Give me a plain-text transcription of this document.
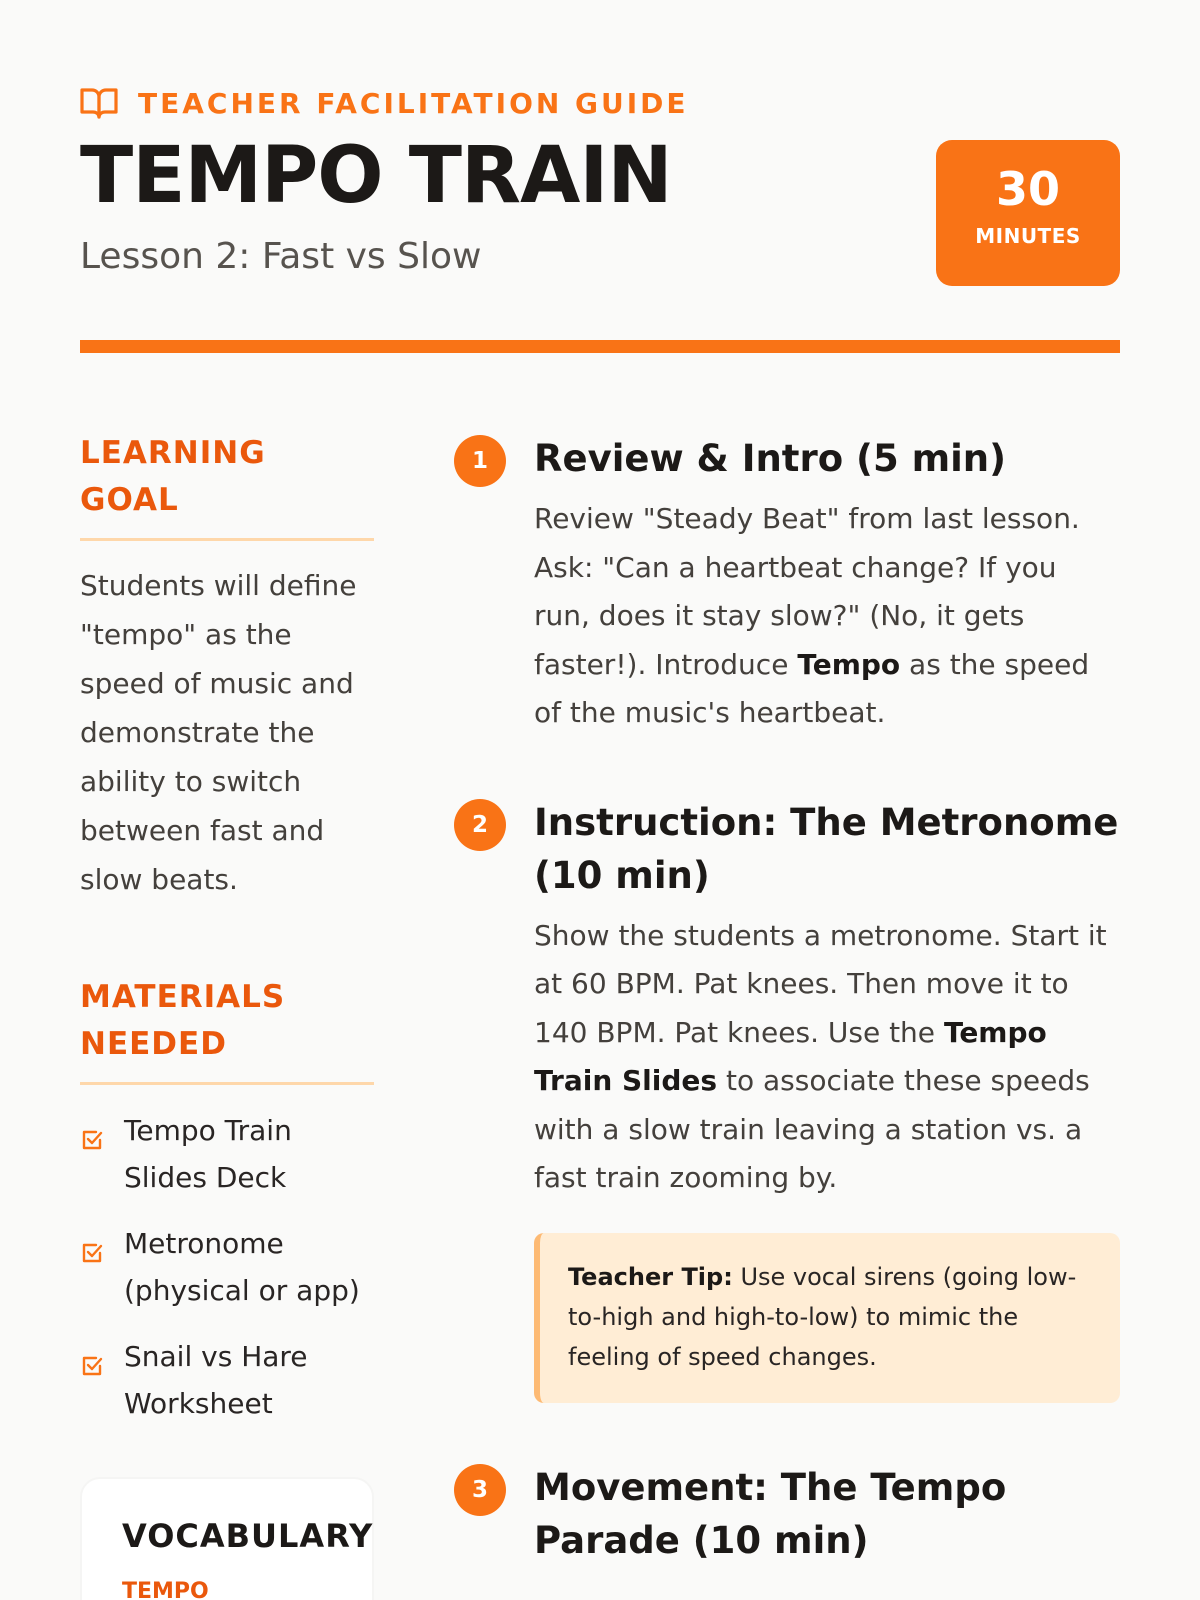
TEACHER FACILITATION GUIDE
TEMPO TRAIN
Lesson 2: Fast vs Slow
30
MINUTES
LEARNING GOAL

Students will define "tempo" as the speed of music and demonstrate the ability to switch between fast and slow beats.

MATERIALS NEEDED
Tempo Train Slides Deck
Metronome (physical or app)
Snail vs Hare Worksheet
VOCABULARY
TEMPO
1	Review & Intro (5 min)

Review "Steady Beat" from last lesson. Ask: "Can a heartbeat change? If you run, does it stay slow?" (No, it gets faster!). Introduce Tempo as the speed of the music's heartbeat.

2	Instruction: The Metronome (10 min)

Show the students a metronome. Start it at 60 BPM. Pat knees. Then move it to 140 BPM. Pat knees. Use the Tempo Train Slides to associate these speeds with a slow train leaving a station vs. a fast train zooming by.

Teacher Tip: Use vocal sirens (going low-to-high and high-to-low) to mimic the feeling of speed changes.
3	Movement: The Tempo Parade (10 min)
